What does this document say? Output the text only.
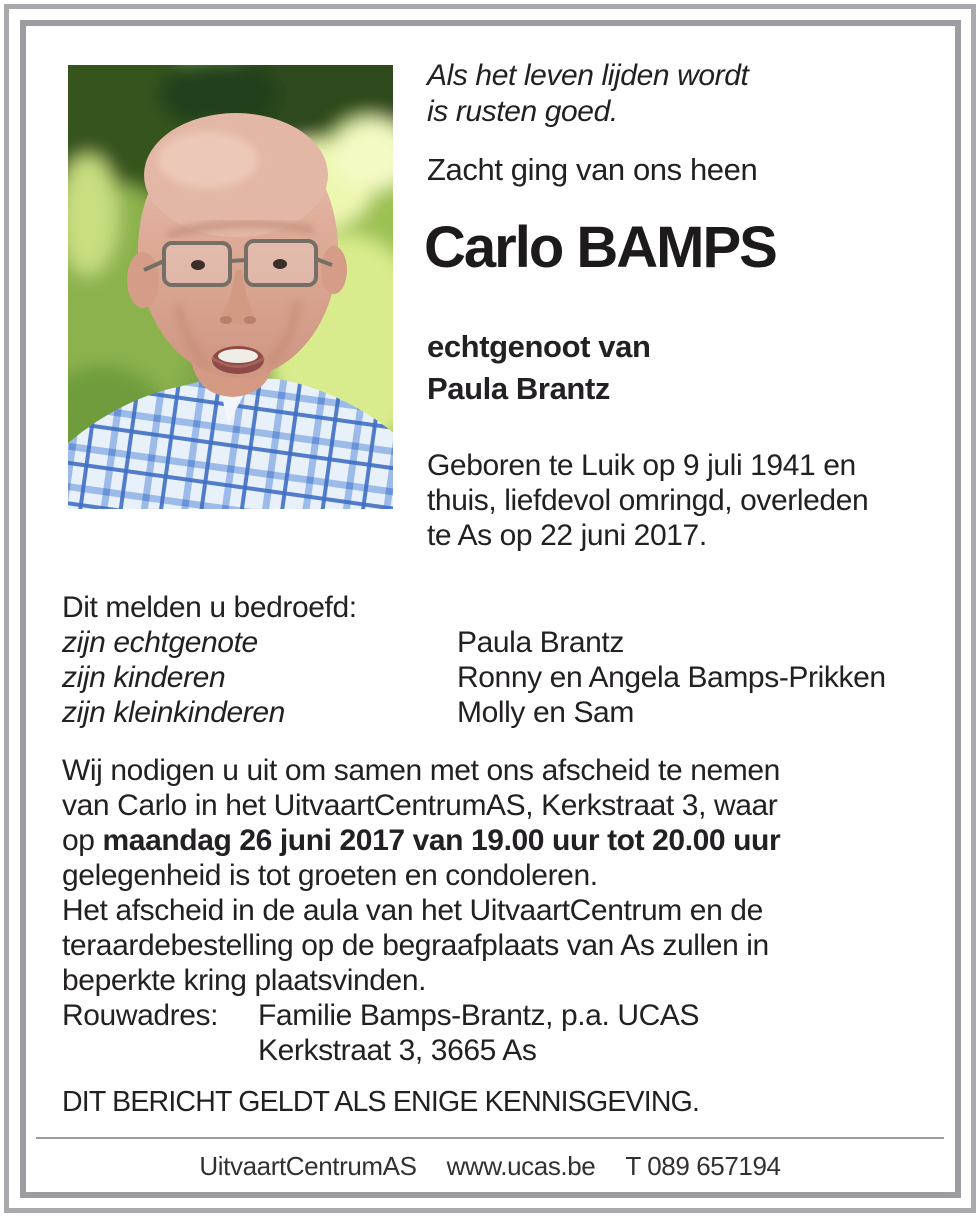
Als het leven lijden wordt
is rusten goed.
Zacht ging van ons heen
Carlo BAMPS
echtgenoot van
Paula Brantz
Geboren te Luik op 9 juli 1941 en
thuis, liefdevol omringd, overleden
te As op 22 juni 2017.
Dit melden u bedroefd:
zijn echtgenote	Paula Brantz
zijn kinderen	Ronny en Angela Bamps-Prikken
zijn kleinkinderen	Molly en Sam
Wij nodigen u uit om samen met ons afscheid te nemen
van Carlo in het UitvaartCentrumAS, Kerkstraat 3, waar
op maandag 26 juni 2017 van 19.00 uur tot 20.00 uur
gelegenheid is tot groeten en condoleren.
Het afscheid in de aula van het UitvaartCentrum en de
teraardebestelling op de begraafplaats van As zullen in
beperkte kring plaatsvinden.
Rouwadres:	Familie Bamps-Brantz, p.a. UCAS
Kerkstraat 3, 3665 As
DIT BERICHT GELDT ALS ENIGE KENNISGEVING.
UitvaartCentrumAS www.ucas.be T 089 657194
